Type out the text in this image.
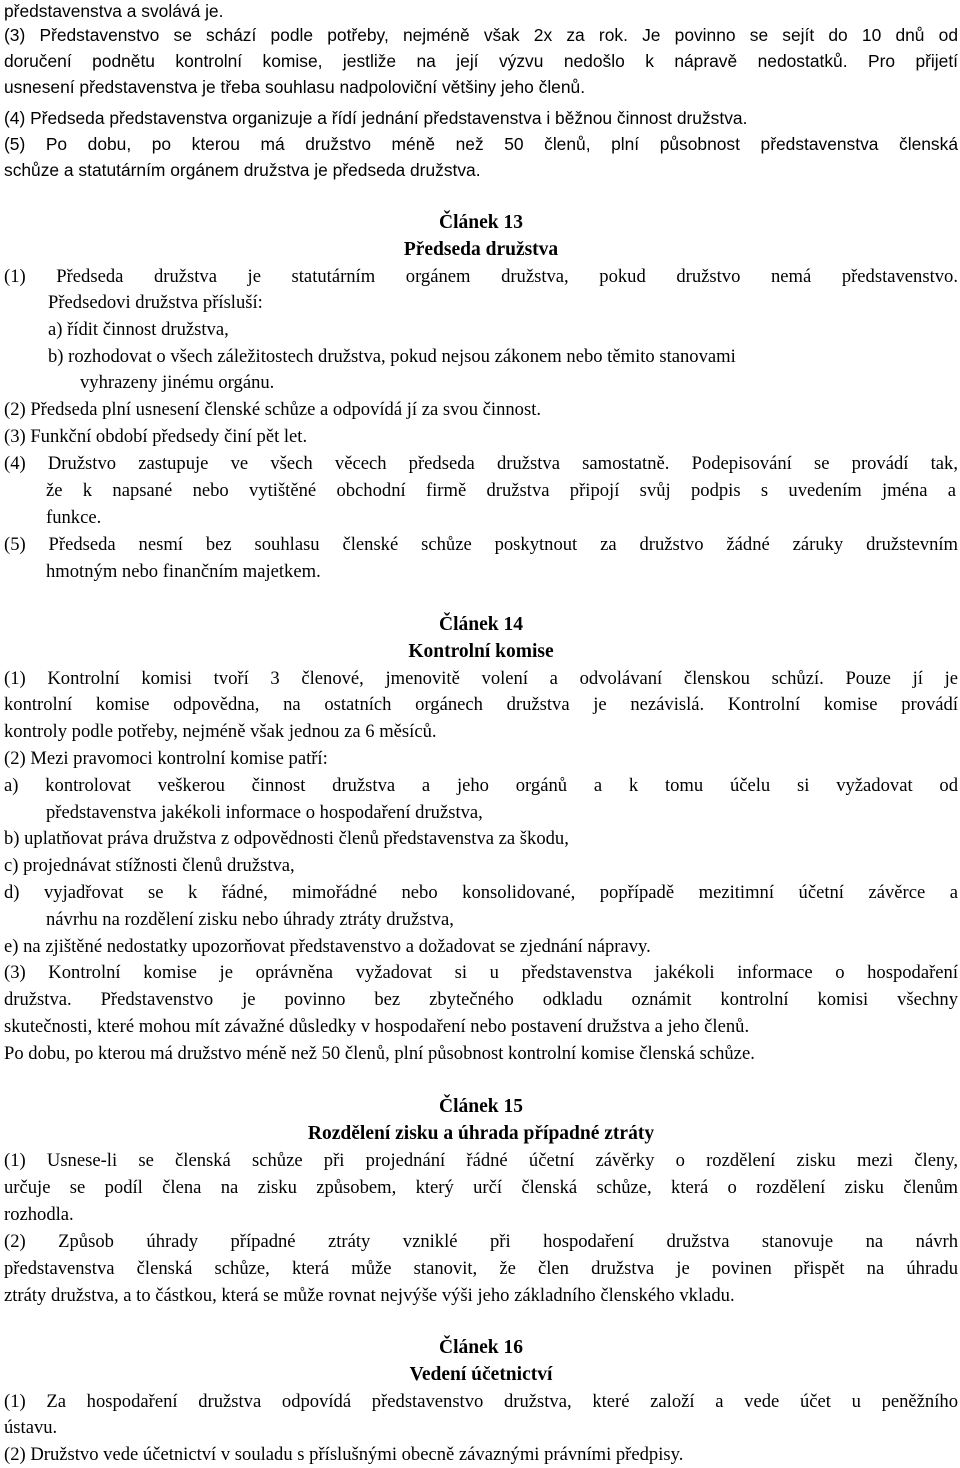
představenstva a svolává je.
(3) Představenstvo se schází podle potřeby, nejméně však 2x za rok. Je povinno se sejít do 10 dnů od
doručení podnětu kontrolní komise, jestliže na její výzvu nedošlo k nápravě nedostatků. Pro přijetí
usnesení představenstva je třeba souhlasu nadpoloviční většiny jeho členů.
(4) Předseda představenstva organizuje a řídí jednání představenstva i běžnou činnost družstva.
(5) Po dobu, po kterou má družstvo méně než 50 členů, plní působnost představenstva členská
schůze a statutárním orgánem družstva je předseda družstva.
Článek 13
Předseda družstva
(1) Předseda družstva je statutárním orgánem družstva, pokud družstvo nemá představenstvo.
Předsedovi družstva přísluší:
a) řídit činnost družstva,
b) rozhodovat o všech záležitostech družstva, pokud nejsou zákonem nebo těmito stanovami
vyhrazeny jinému orgánu.
(2) Předseda plní usnesení členské schůze a odpovídá jí za svou činnost.
(3) Funkční období předsedy činí pět let.
(4) Družstvo zastupuje ve všech věcech předseda družstva samostatně. Podepisování se provádí tak,
že k napsané nebo vytištěné obchodní firmě družstva připojí svůj podpis s uvedením jména a
funkce.
(5) Předseda nesmí bez souhlasu členské schůze poskytnout za družstvo žádné záruky družstevním
hmotným nebo finančním majetkem.
Článek 14
Kontrolní komise
(1) Kontrolní komisi tvoří 3 členové, jmenovitě volení a odvolávaní členskou schůzí. Pouze jí je
kontrolní komise odpovědna, na ostatních orgánech družstva je nezávislá. Kontrolní komise provádí
kontroly podle potřeby, nejméně však jednou za 6 měsíců.
(2) Mezi pravomoci kontrolní komise patří:
a) kontrolovat veškerou činnost družstva a jeho orgánů a k tomu účelu si vyžadovat od
představenstva jakékoli informace o hospodaření družstva,
b) uplatňovat práva družstva z odpovědnosti členů představenstva za škodu,
c) projednávat stížnosti členů družstva,
d) vyjadřovat se k řádné, mimořádné nebo konsolidované, popřípadě mezitimní účetní závěrce a
návrhu na rozdělení zisku nebo úhrady ztráty družstva,
e) na zjištěné nedostatky upozorňovat představenstvo a dožadovat se zjednání nápravy.
(3) Kontrolní komise je oprávněna vyžadovat si u představenstva jakékoli informace o hospodaření
družstva. Představenstvo je povinno bez zbytečného odkladu oznámit kontrolní komisi všechny
skutečnosti, které mohou mít závažné důsledky v hospodaření nebo postavení družstva a jeho členů.
Po dobu, po kterou má družstvo méně než 50 členů, plní působnost kontrolní komise členská schůze.
Článek 15
Rozdělení zisku a úhrada případné ztráty
(1) Usnese-li se členská schůze při projednání řádné účetní závěrky o rozdělení zisku mezi členy,
určuje se podíl člena na zisku způsobem, který určí členská schůze, která o rozdělení zisku členům
rozhodla.
(2) Způsob úhrady případné ztráty vzniklé při hospodaření družstva stanovuje na návrh
představenstva členská schůze, která může stanovit, že člen družstva je povinen přispět na úhradu
ztráty družstva, a to částkou, která se může rovnat nejvýše výši jeho základního členského vkladu.
Článek 16
Vedení účetnictví
(1) Za hospodaření družstva odpovídá představenstvo družstva, které založí a vede účet u peněžního
ústavu.
(2) Družstvo vede účetnictví v souladu s příslušnými obecně závaznými právními předpisy.
